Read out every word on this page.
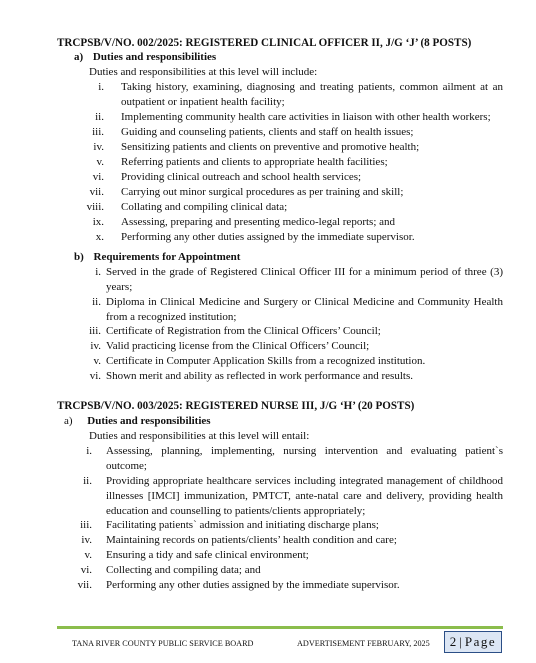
TRCPSB/V/NO. 002/2025: REGISTERED CLINICAL OFFICER II, J/G ‘J’ (8 POSTS)
a) Duties and responsibilities
Duties and responsibilities at this level will include:
i. Taking history, examining, diagnosing and treating patients, common ailment at an outpatient or inpatient health facility;
ii. Implementing community health care activities in liaison with other health workers;
iii. Guiding and counseling patients, clients and staff on health issues;
iv. Sensitizing patients and clients on preventive and promotive health;
v. Referring patients and clients to appropriate health facilities;
vi. Providing clinical outreach and school health services;
vii. Carrying out minor surgical procedures as per training and skill;
viii. Collating and compiling clinical data;
ix. Assessing, preparing and presenting medico-legal reports; and
x. Performing any other duties assigned by the immediate supervisor.
b) Requirements for Appointment
i. Served in the grade of Registered Clinical Officer III for a minimum period of three (3) years;
ii. Diploma in Clinical Medicine and Surgery or Clinical Medicine and Community Health from a recognized institution;
iii. Certificate of Registration from the Clinical Officers’ Council;
iv. Valid practicing license from the Clinical Officers’ Council;
v. Certificate in Computer Application Skills from a recognized institution.
vi. Shown merit and ability as reflected in work performance and results.
TRCPSB/V/NO. 003/2025: REGISTERED NURSE III, J/G ‘H’ (20 POSTS)
a) Duties and responsibilities
Duties and responsibilities at this level will entail:
i. Assessing, planning, implementing, nursing intervention and evaluating patient`s outcome;
ii. Providing appropriate healthcare services including integrated management of childhood illnesses [IMCI] immunization, PMTCT, ante-natal care and delivery, providing health education and counselling to patients/clients appropriately;
iii. Facilitating patients` admission and initiating discharge plans;
iv. Maintaining records on patients/clients’ health condition and care;
v. Ensuring a tidy and safe clinical environment;
vi. Collecting and compiling data; and
vii. Performing any other duties assigned by the immediate supervisor.
TANA RIVER COUNTY PUBLIC SERVICE BOARD	ADVERTISEMENT FEBRUARY, 2025 2 | Page
